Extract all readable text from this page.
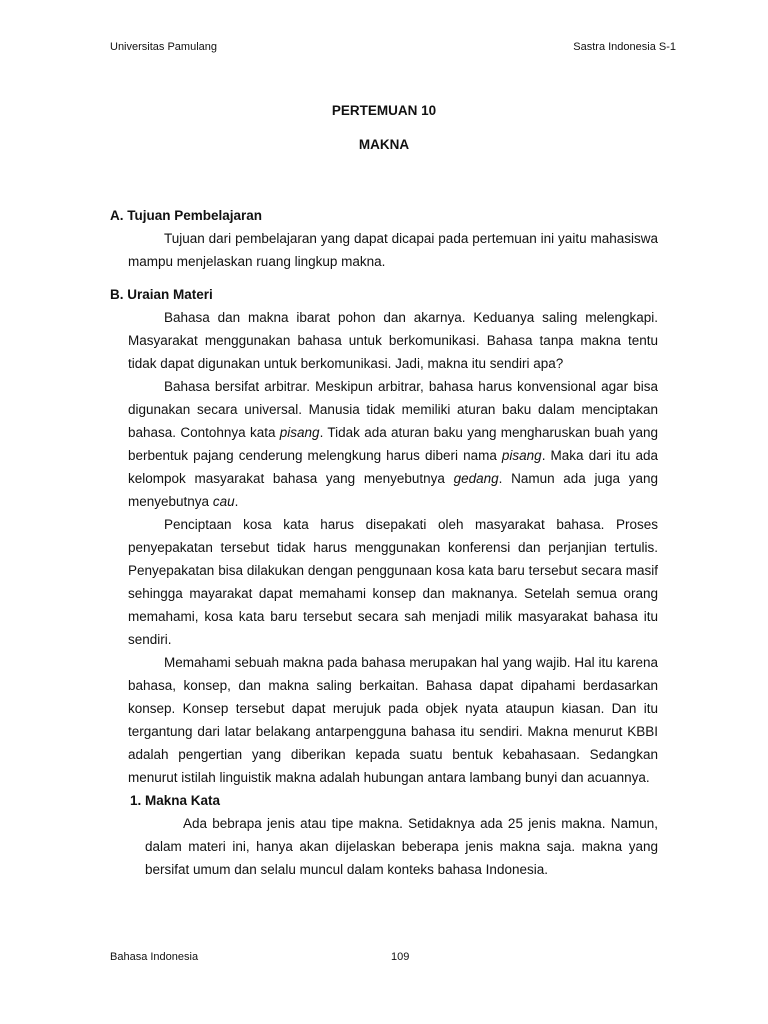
Universitas Pamulang	Sastra Indonesia S-1
PERTEMUAN 10
MAKNA

A. Tujuan Pembelajaran

Tujuan dari pembelajaran yang dapat dicapai pada pertemuan ini yaitu mahasiswa mampu menjelaskan ruang lingkup makna.

B. Uraian Materi

Bahasa dan makna ibarat pohon dan akarnya. Keduanya saling melengkapi. Masyarakat menggunakan bahasa untuk berkomunikasi. Bahasa tanpa makna tentu tidak dapat digunakan untuk berkomunikasi. Jadi, makna itu sendiri apa?

Bahasa bersifat arbitrar. Meskipun arbitrar, bahasa harus konvensional agar bisa digunakan secara universal. Manusia tidak memiliki aturan baku dalam menciptakan bahasa. Contohnya kata pisang. Tidak ada aturan baku yang mengharuskan buah yang berbentuk pajang cenderung melengkung harus diberi nama pisang. Maka dari itu ada kelompok masyarakat bahasa yang menyebutnya gedang. Namun ada juga yang menyebutnya cau.

Penciptaan kosa kata harus disepakati oleh masyarakat bahasa. Proses penyepakatan tersebut tidak harus menggunakan konferensi dan perjanjian tertulis. Penyepakatan bisa dilakukan dengan penggunaan kosa kata baru tersebut secara masif sehingga mayarakat dapat memahami konsep dan maknanya. Setelah semua orang memahami, kosa kata baru tersebut secara sah menjadi milik masyarakat bahasa itu sendiri.

Memahami sebuah makna pada bahasa merupakan hal yang wajib. Hal itu karena bahasa, konsep, dan makna saling berkaitan. Bahasa dapat dipahami berdasarkan konsep. Konsep tersebut dapat merujuk pada objek nyata ataupun kiasan. Dan itu tergantung dari latar belakang antarpengguna bahasa itu sendiri. Makna menurut KBBI adalah pengertian yang diberikan kepada suatu bentuk kebahasaan. Sedangkan menurut istilah linguistik makna adalah hubungan antara lambang bunyi dan acuannya.

1. Makna Kata

Ada bebrapa jenis atau tipe makna. Setidaknya ada 25 jenis makna. Namun, dalam materi ini, hanya akan dijelaskan beberapa jenis makna saja. makna yang bersifat umum dan selalu muncul dalam konteks bahasa Indonesia.

Bahasa Indonesia	109
